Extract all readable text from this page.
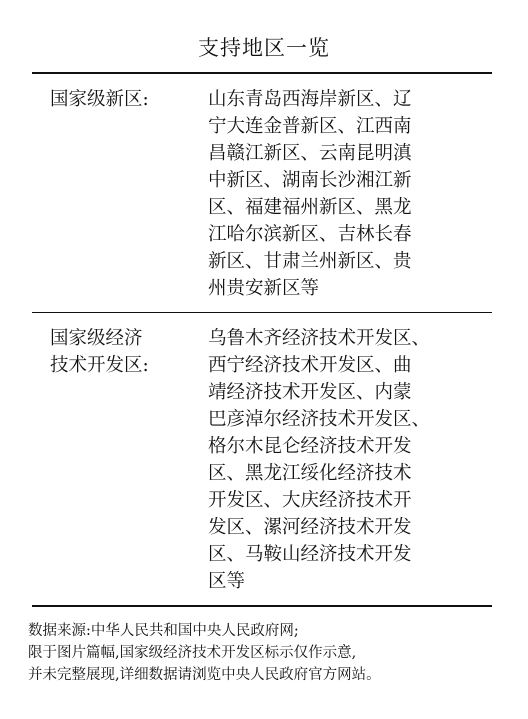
支持地区一览
国家级新区:	山东青岛西海岸新区、辽
宁大连金普新区、江西南
昌赣江新区、云南昆明滇
中新区、湖南长沙湘江新
区、福建福州新区、黑龙
江哈尔滨新区、吉林长春
新区、甘肃兰州新区、贵
州贵安新区等
国家级经济
技术开发区:
乌鲁木齐经济技术开发区、
西宁经济技术开发区、曲
靖经济技术开发区、内蒙
巴彦淖尔经济技术开发区、
格尔木昆仑经济技术开发
区、黑龙江绥化经济技术
开发区、大庆经济技术开
发区、漯河经济技术开发
区、马鞍山经济技术开发
区等
数据来源:中华人民共和国中央人民政府网;
限于图片篇幅,国家级经济技术开发区标示仅作示意,
并未完整展现,详细数据请浏览中央人民政府官方网站。
